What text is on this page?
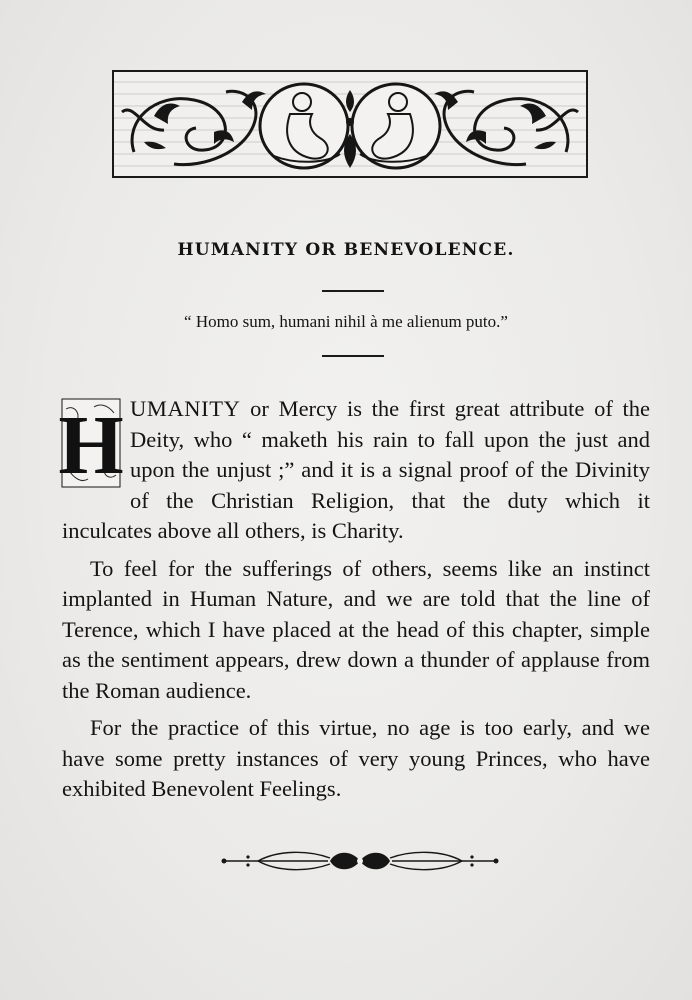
HUMANITY OR BENEVOLENCE.
“ Homo sum, humani nihil à me alienum puto.”

H UMANITY or Mercy is the first great attribute of the Deity, who “ maketh his rain to fall upon the just and upon the unjust ;” and it is a signal proof of the Divinity of the Christian Religion, that the duty which it inculcates above all others, is Charity.

To feel for the sufferings of others, seems like an instinct implanted in Human Nature, and we are told that the line of Terence, which I have placed at the head of this chapter, simple as the sentiment appears, drew down a thunder of applause from the Roman audience.

For the practice of this virtue, no age is too early, and we have some pretty instances of very young Princes, who have exhibited Benevolent Feelings.
